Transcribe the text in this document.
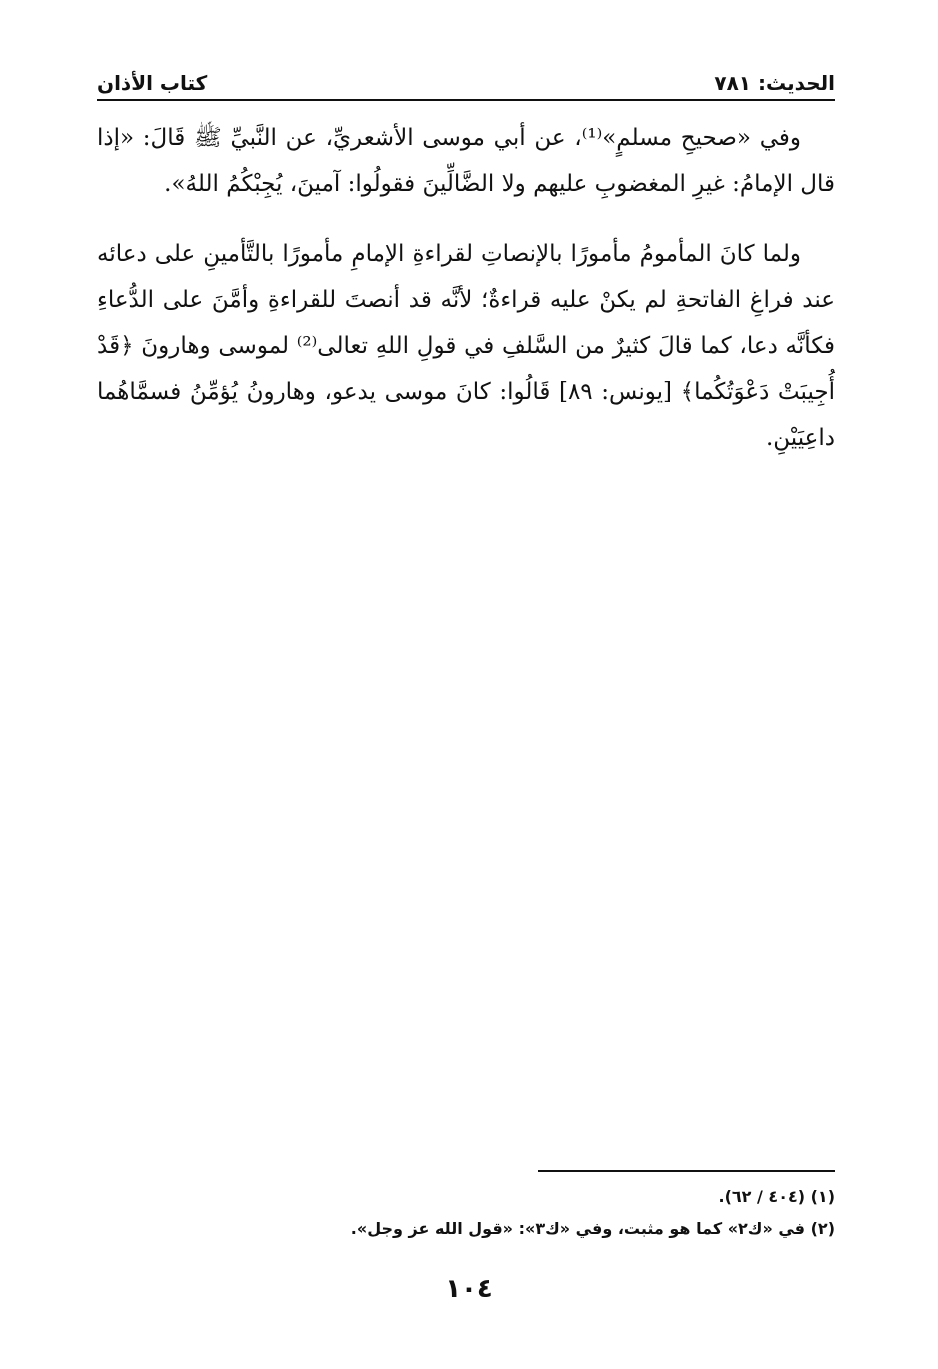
الحديث: ٧٨١
كتاب الأذان

وفي «صحيحِ مسلمٍ»⁽¹⁾، عن أبي موسى الأشعريِّ، عن النَّبيِّ ﷺ قَالَ: «إذا قال الإمامُ: غيرِ المغضوبِ عليهم ولا الضَّالِّينَ فقولُوا: آمينَ، يُجِبْكُمُ اللهُ».

ولما كانَ المأمومُ مأمورًا بالإنصاتِ لقراءةِ الإمامِ مأمورًا بالتَّأمينِ على دعائه عند فراغِ الفاتحةِ لم يكنْ عليه قراءةٌ؛ لأنَّه قد أنصتَ للقراءةِ وأمَّنَ على الدُّعاءِ فكأنَّه دعا، كما قالَ كثيرٌ من السَّلفِ في قولِ اللهِ تعالى⁽²⁾ لموسى وهارونَ ﴿قَدْ أُجِيبَتْ دَعْوَتُكُما﴾ [يونس: ٨٩] قَالُوا: كانَ موسى يدعو، وهارونُ يُؤمِّنُ فسمَّاهُما داعِيَيْنِ.

(١) (٤٠٤ / ٦٢).
(٢) في «ك٢» كما هو مثبت، وفي «ك٣»: «قول الله عز وجل».
١٠٤
